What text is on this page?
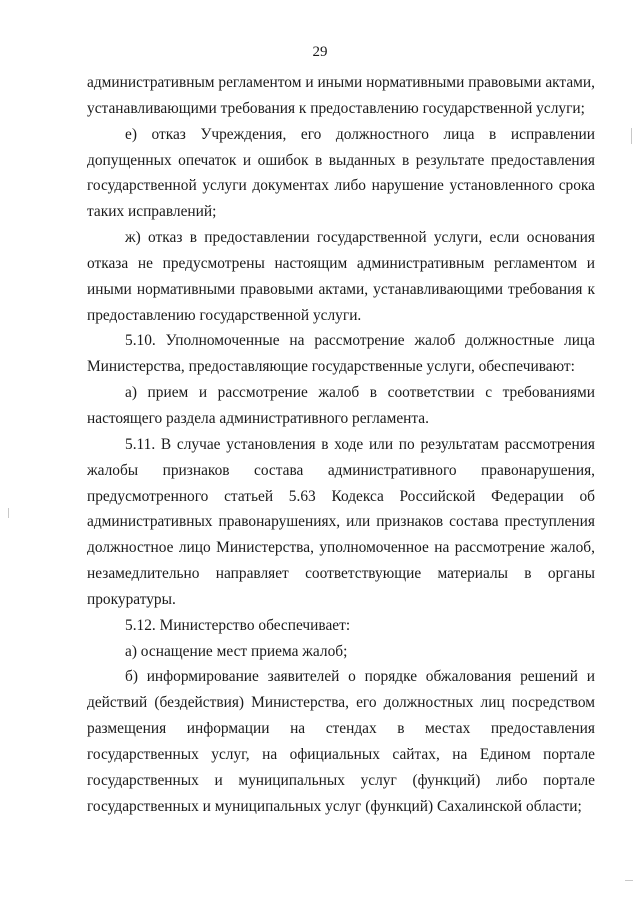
29

административным регламентом и иными нормативными правовыми актами, устанавливающими требования к предоставлению государственной услуги;

е) отказ Учреждения, его должностного лица в исправлении допущенных опечаток и ошибок в выданных в результате предоставления государственной услуги документах либо нарушение установленного срока таких исправлений;

ж) отказ в предоставлении государственной услуги, если основания отказа не предусмотрены настоящим административным регламентом и иными нормативными правовыми актами, устанавливающими требования к предоставлению государственной услуги.

5.10. Уполномоченные на рассмотрение жалоб должностные лица Министерства, предоставляющие государственные услуги, обеспечивают:

а) прием и рассмотрение жалоб в соответствии с требованиями настоящего раздела административного регламента.

5.11. В случае установления в ходе или по результатам рассмотрения жалобы признаков состава административного правонарушения, предусмотренного статьей 5.63 Кодекса Российской Федерации об административных правонарушениях, или признаков состава преступления должностное лицо Министерства, уполномоченное на рассмотрение жалоб, незамедлительно направляет соответствующие материалы в органы прокуратуры.

5.12. Министерство обеспечивает:

а) оснащение мест приема жалоб;

б) информирование заявителей о порядке обжалования решений и действий (бездействия) Министерства, его должностных лиц посредством размещения информации на стендах в местах предоставления государственных услуг, на официальных сайтах, на Едином портале государственных и муниципальных услуг (функций) либо портале государственных и муниципальных услуг (функций) Сахалинской области;
